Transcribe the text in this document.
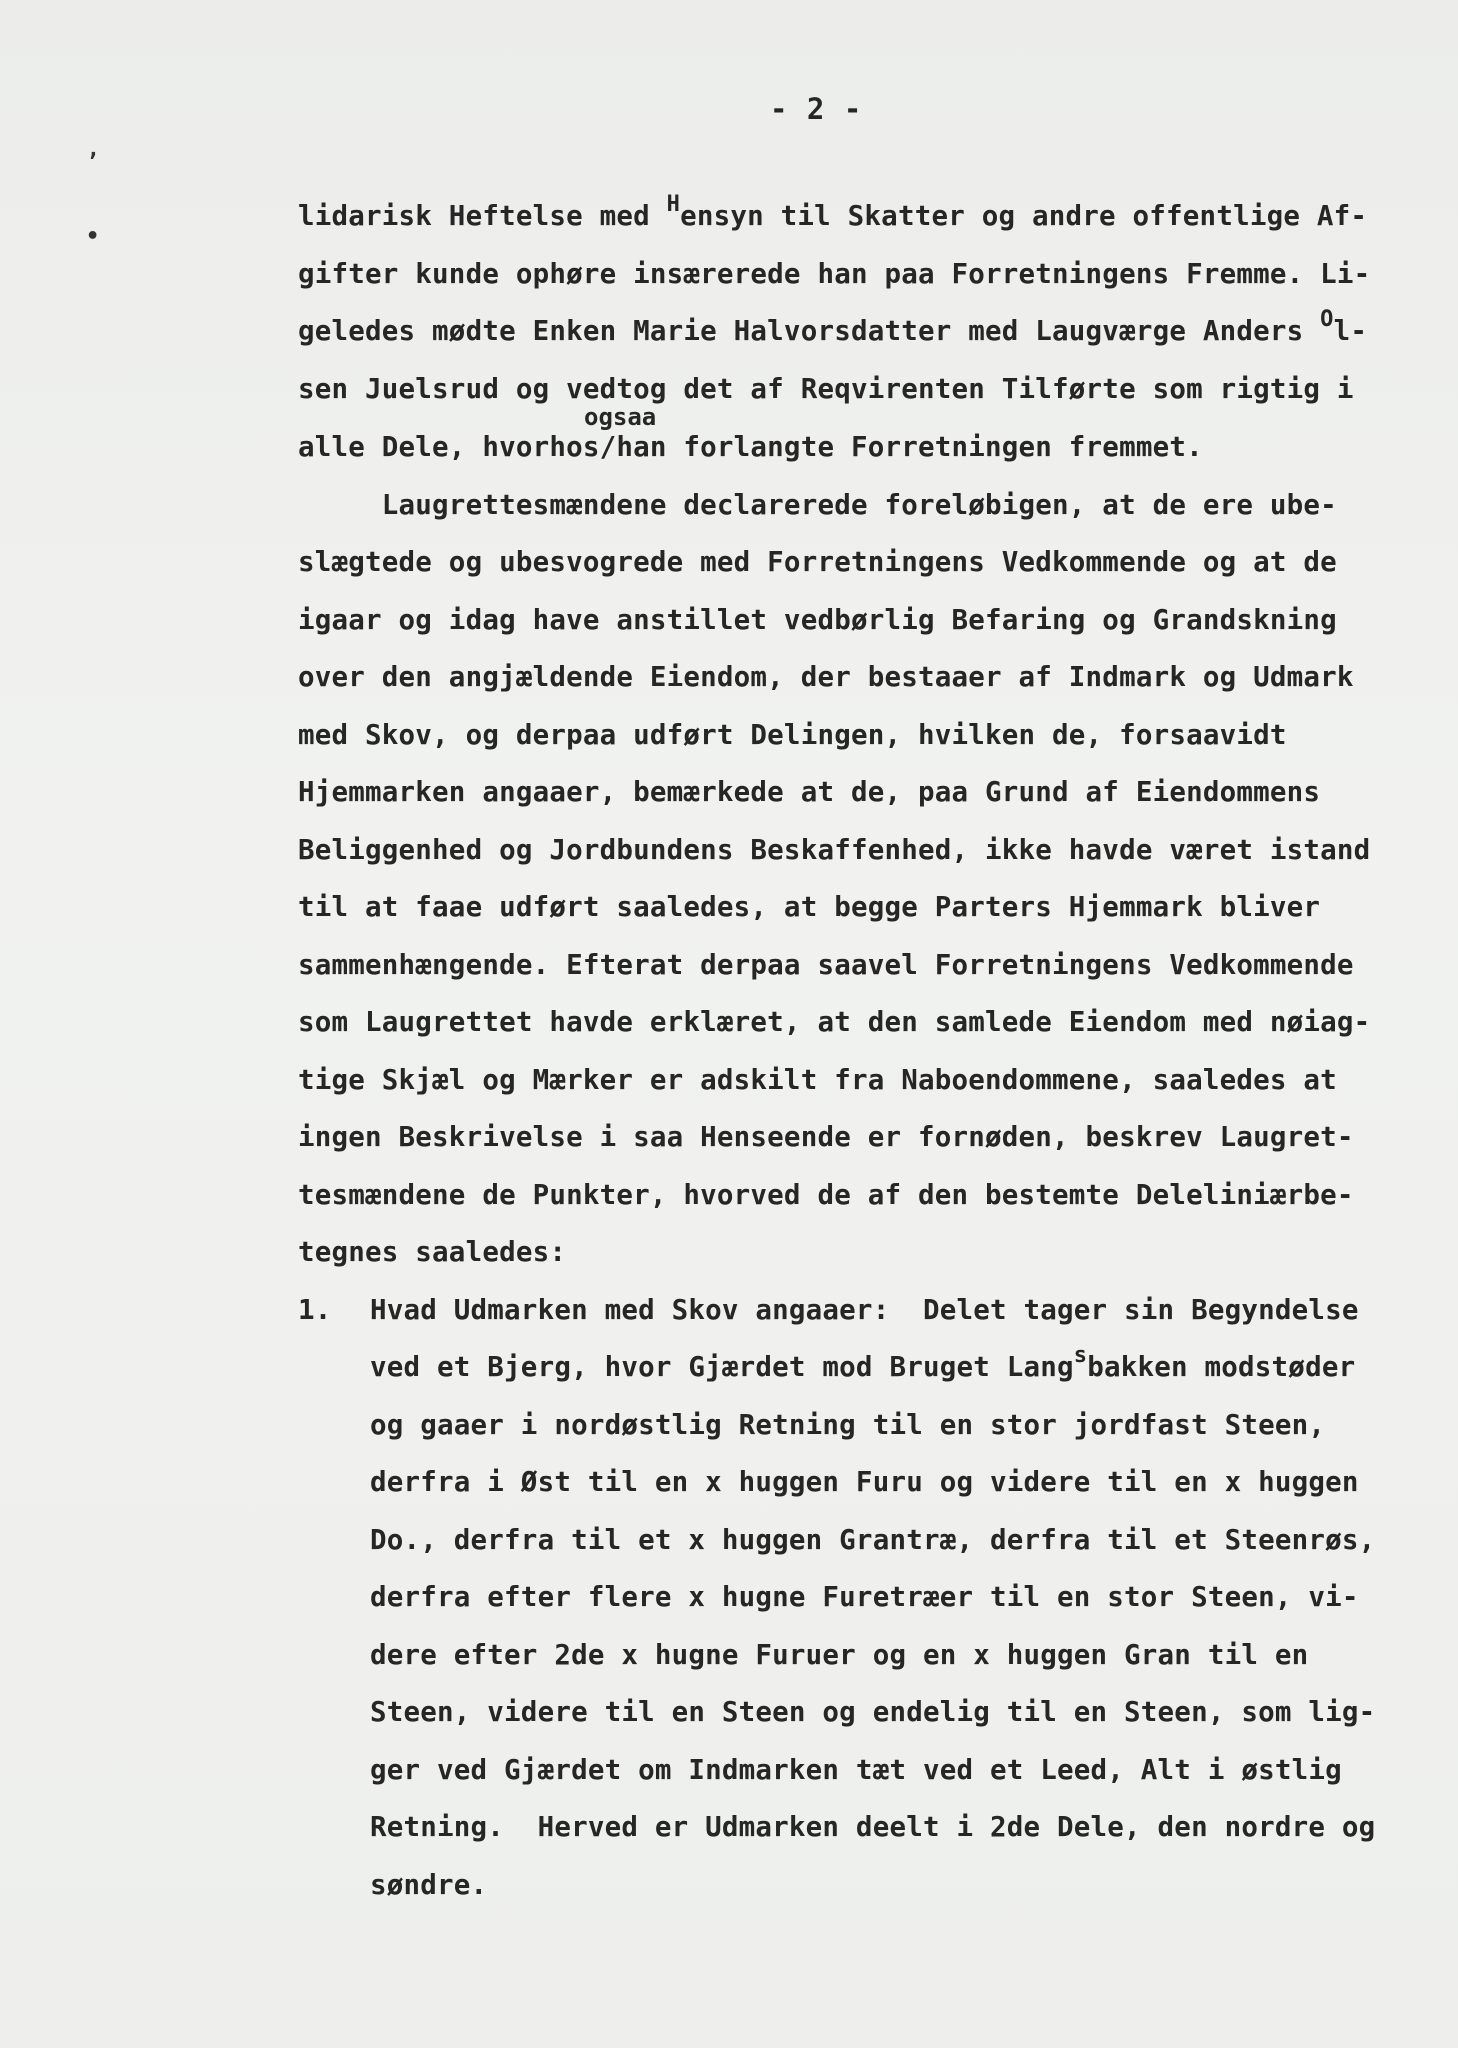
- 2 -
ʼ
•
lidarisk Heftelse med $^H$ensyn til Skatter og andre offentlige Af-
gifter kunde ophøre insærerede han paa Forretningens Fremme. Li-
geledes mødte Enken Marie Halvorsdatter med Laugværge Anders $^O$l-
sen Juelsrud og vedtog det af Reqvirenten Tilførte som rigtig i
ogsaa
alle Dele, hvorhos/han forlangte Forretningen fremmet.
Laugrettesmændene declarerede foreløbigen, at de ere ube-
slægtede og ubesvogrede med Forretningens Vedkommende og at de
igaar og idag have anstillet vedbørlig Befaring og Grandskning
over den angjældende Eiendom, der bestaaer af Indmark og Udmark
med Skov, og derpaa udført Delingen, hvilken de, forsaavidt
Hjemmarken angaaer, bemærkede at de, paa Grund af Eiendommens
Beliggenhed og Jordbundens Beskaffenhed, ikke havde været istand
til at faae udført saaledes, at begge Parters Hjemmark bliver
sammenhængende. Efterat derpaa saavel Forretningens Vedkommende
som Laugrettet havde erklæret, at den samlede Eiendom med nøiag-
tige Skjæl og Mærker er adskilt fra Naboendommene, saaledes at
ingen Beskrivelse i saa Henseende er fornøden, beskrev Laugret-
tesmændene de Punkter, hvorved de af den bestemte Deleliniærbe-
tegnes saaledes:
1. Hvad Udmarken med Skov angaaer:  Delet tager sin Begyndelse
ved et Bjerg, hvor Gjærdet mod Bruget Lang$^s$bakken modstøder
og gaaer i nordøstlig Retning til en stor jordfast Steen,
derfra i Øst til en x huggen Furu og videre til en x huggen
Do., derfra til et x huggen Grantræ, derfra til et Steenrøs,
derfra efter flere x hugne Furetræer til en stor Steen, vi-
dere efter 2de x hugne Furuer og en x huggen Gran til en
Steen, videre til en Steen og endelig til en Steen, som lig-
ger ved Gjærdet om Indmarken tæt ved et Leed, Alt i østlig
Retning.  Herved er Udmarken deelt i 2de Dele, den nordre og
søndre.
